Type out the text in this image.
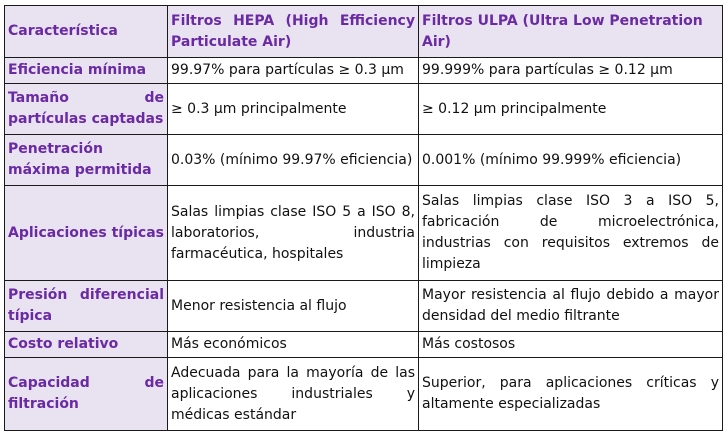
Característica	Filtros HEPA (High Efficiency Particulate Air)	Filtros ULPA (Ultra Low Penetration Air)
Eficiencia mínima	99.97% para partículas ≥ 0.3 µm	99.999% para partículas ≥ 0.12 µm
Tamaño de partículas captadas	≥ 0.3 µm principalmente	≥ 0.12 µm principalmente
Penetración máxima permitida	0.03% (mínimo 99.97% eficiencia)	0.001% (mínimo 99.999% eficiencia)
Aplicaciones típicas	Salas limpias clase ISO 5 a ISO 8, laboratorios, industria farmacéutica, hospitales	Salas limpias clase ISO 3 a ISO 5, fabricación de microelectrónica, industrias con requisitos extremos de limpieza
Presión diferencial típica	Menor resistencia al flujo	Mayor resistencia al flujo debido a mayor densidad del medio filtrante
Costo relativo	Más económicos	Más costosos
Capacidad de filtración	Adecuada para la mayoría de las aplicaciones industriales y médicas estándar	Superior, para aplicaciones críticas y altamente especializadas
